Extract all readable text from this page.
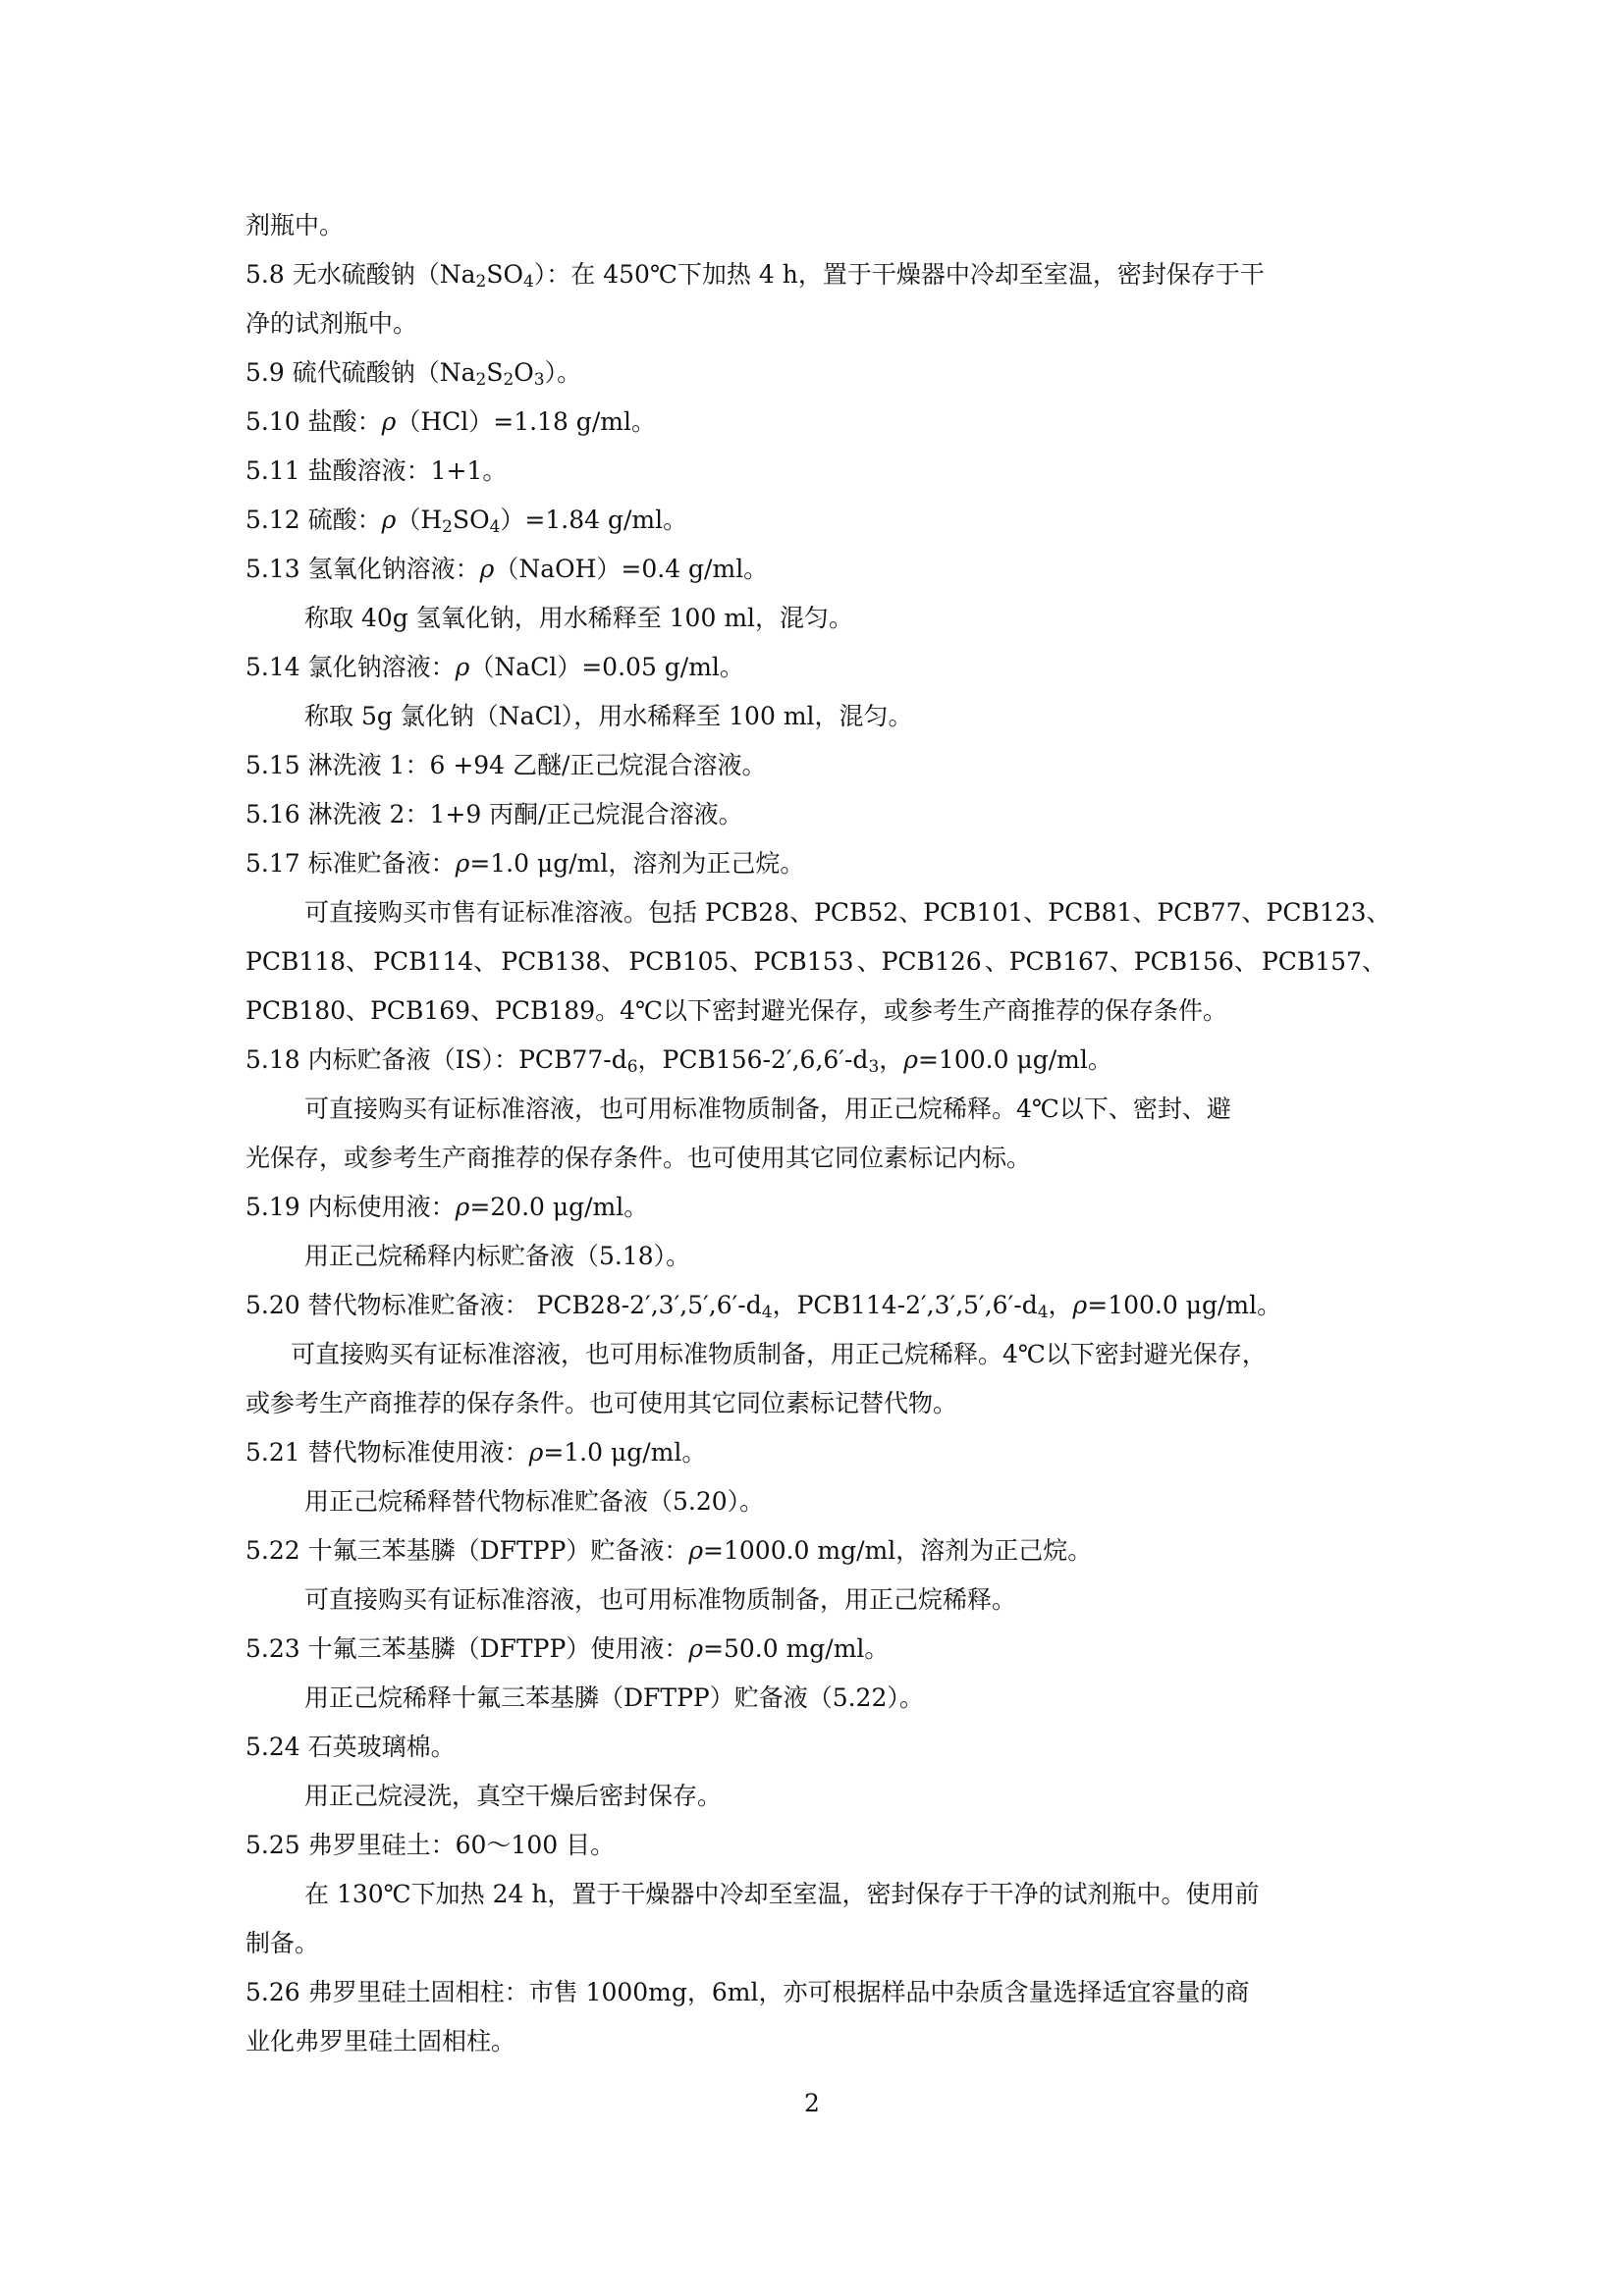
剂瓶中。
5.8 无水硫酸钠$(Na_2SO_4)$：在 450℃下加热 4 h，置于干燥器中冷却至室温，密封保存于干
净的试剂瓶中。
5.9 硫代硫酸钠$(Na_2S_2O_3)$。
5.10 盐酸：ρ（HCl）=1.18 g/ml。
5.11 盐酸溶液：1+1。
5.12 硫酸：$\rho(H_2SO_4)=1.84$ g/ml。
5.13 氢氧化钠溶液：ρ（NaOH）=0.4 g/ml。
称取 40g 氢氧化钠，用水稀释至 100 ml，混匀。
5.14 氯化钠溶液：ρ（NaCl）=0.05 g/ml。
称取 5g 氯化钠（NaCl），用水稀释至 100 ml，混匀。
5.15 淋洗液 1：6 +94 乙醚/正己烷混合溶液。
5.16 淋洗液 2：1+9 丙酮/正己烷混合溶液。
5.17 标准贮备液：ρ=1.0 μg/ml，溶剂为正己烷。
可直接购买市售有证标准溶液。包括 PCB28、PCB52、PCB101、PCB81、PCB77、PCB123、
PCB118、 PCB114、 PCB138、 PCB105、PCB153 、PCB126 、PCB167、PCB156、 PCB157、
PCB180、PCB169、PCB189。4℃以下密封避光保存，或参考生产商推荐的保存条件。
5.18 内标贮备液（IS）：$PCB77-d_6$，$PCB156-2',6,6'-d_3$，ρ=100.0 μg/ml。
可直接购买有证标准溶液，也可用标准物质制备，用正己烷稀释。4℃以下、密封、避
光保存，或参考生产商推荐的保存条件。也可使用其它同位素标记内标。
5.19 内标使用液：ρ=20.0 μg/ml。
用正己烷稀释内标贮备液（5.18）。
5.20 替代物标准贮备液： $PCB28-2',3',5',6'-d_4$，$PCB114-2',3',5',6'-d_4$，ρ=100.0 μg/ml。
可直接购买有证标准溶液，也可用标准物质制备，用正己烷稀释。4℃以下密封避光保存，
或参考生产商推荐的保存条件。也可使用其它同位素标记替代物。
5.21 替代物标准使用液：ρ=1.0 μg/ml。
用正己烷稀释替代物标准贮备液（5.20）。
5.22 十氟三苯基膦（DFTPP）贮备液：ρ=1000.0 mg/ml，溶剂为正己烷。
可直接购买有证标准溶液，也可用标准物质制备，用正己烷稀释。
5.23 十氟三苯基膦（DFTPP）使用液：ρ=50.0 mg/ml。
用正己烷稀释十氟三苯基膦（DFTPP）贮备液（5.22）。
5.24 石英玻璃棉。
用正己烷浸洗，真空干燥后密封保存。
5.25 弗罗里硅土：60～100 目。
在 130℃下加热 24 h，置于干燥器中冷却至室温，密封保存于干净的试剂瓶中。使用前
制备。
5.26 弗罗里硅土固相柱：市售 1000mg，6ml，亦可根据样品中杂质含量选择适宜容量的商
业化弗罗里硅土固相柱。
2
